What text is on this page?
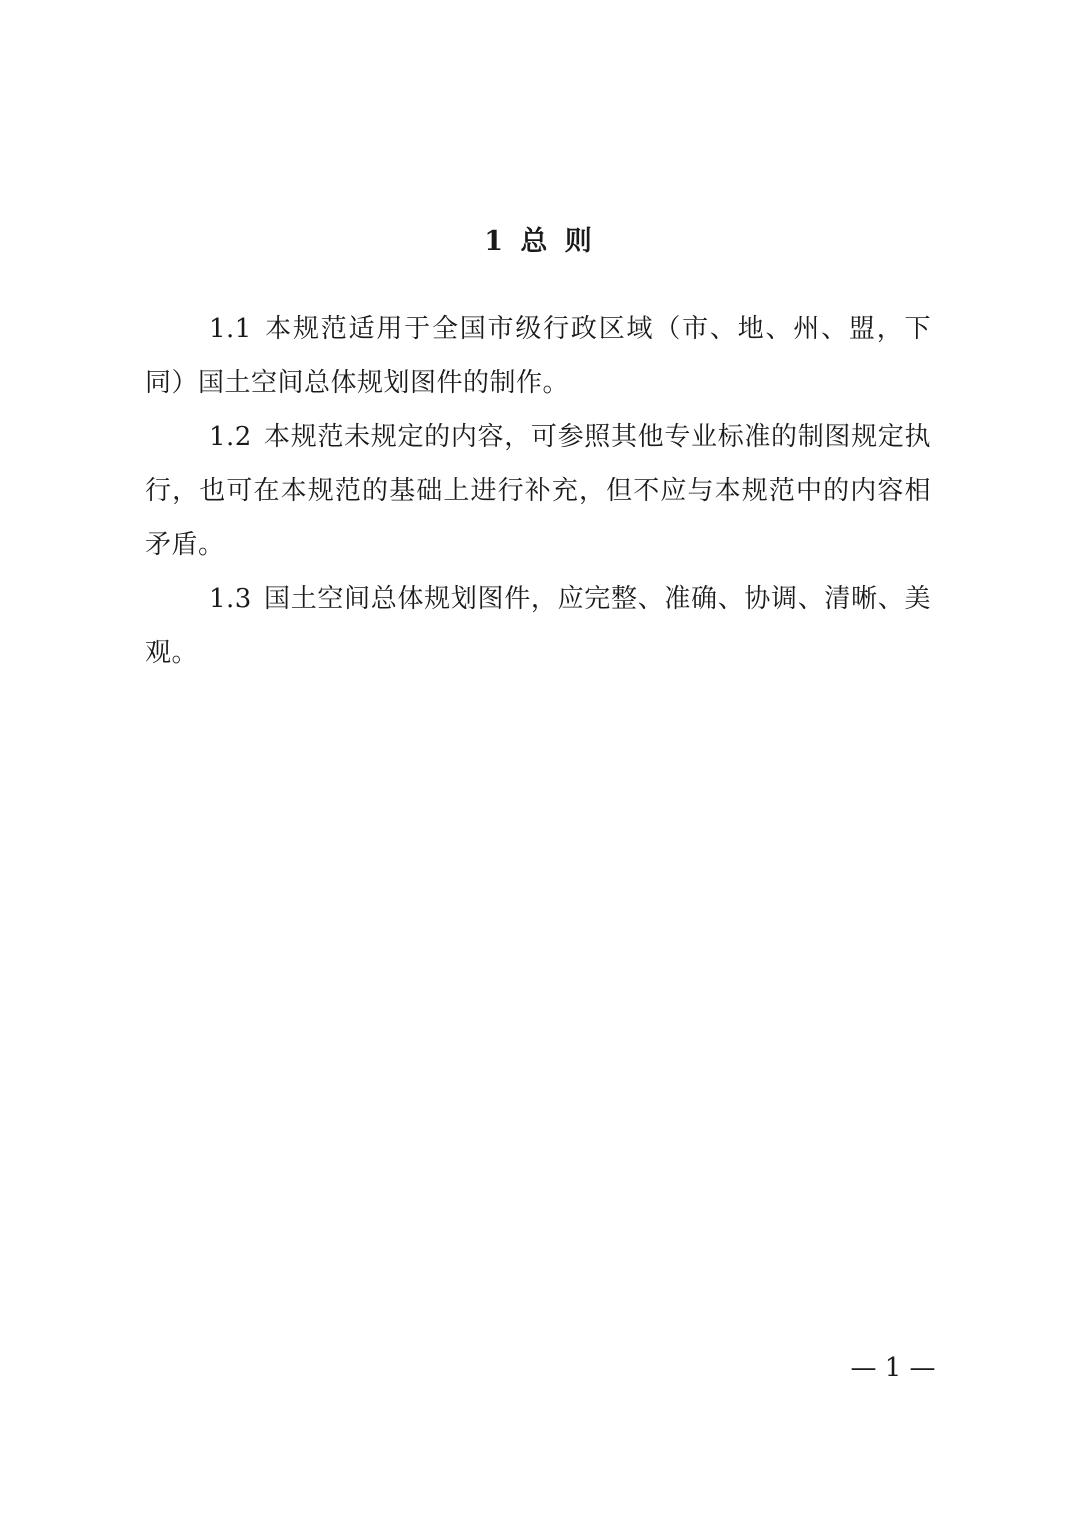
1 总 则

1.1 本规范适用于全国市级行政区域（市、地、州、盟，下同）国土空间总体规划图件的制作。

1.2 本规范未规定的内容，可参照其他专业标准的制图规定执行，也可在本规范的基础上进行补充，但不应与本规范中的内容相矛盾。

1.3 国土空间总体规划图件，应完整、准确、协调、清晰、美观。

— 1 —
